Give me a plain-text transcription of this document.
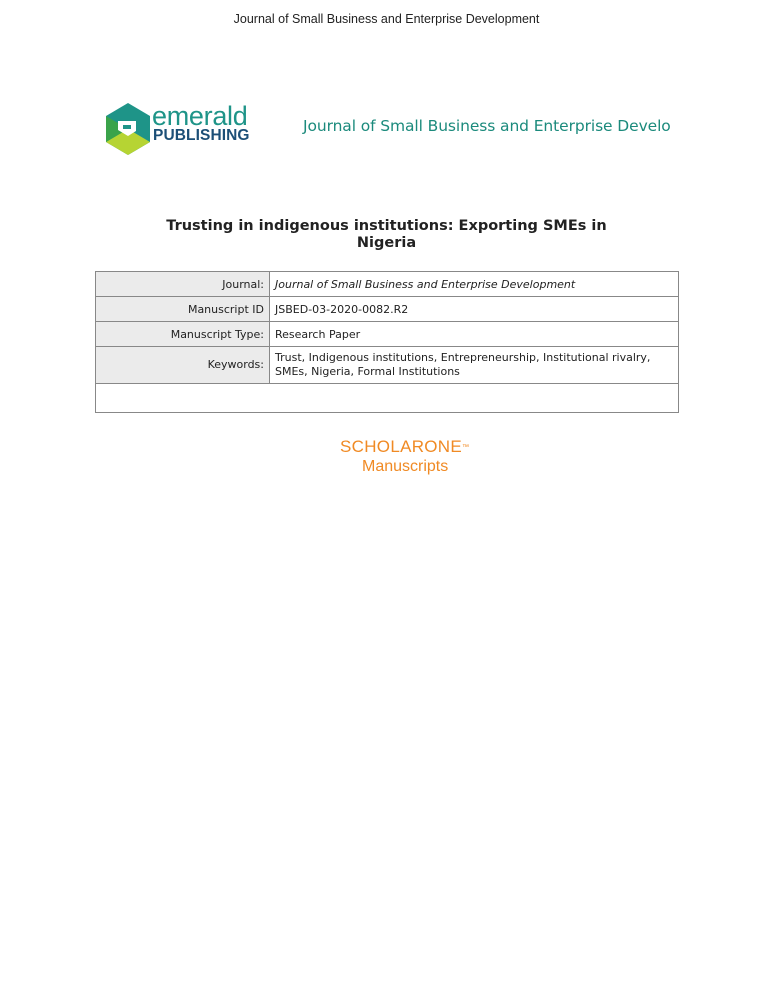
Journal of Small Business and Enterprise Development
emerald
PUBLISHING
Journal of Small Business and Enterprise Develo
Trusting in indigenous institutions: Exporting SMEs in Nigeria
Journal:	Journal of Small Business and Enterprise Development
Manuscript ID	JSBED-03-2020-0082.R2
Manuscript Type:	Research Paper
Keywords:	Trust, Indigenous institutions, Entrepreneurship, Institutional rivalry, SMEs, Nigeria, Formal Institutions

SCHOLARONE™
Manuscripts
